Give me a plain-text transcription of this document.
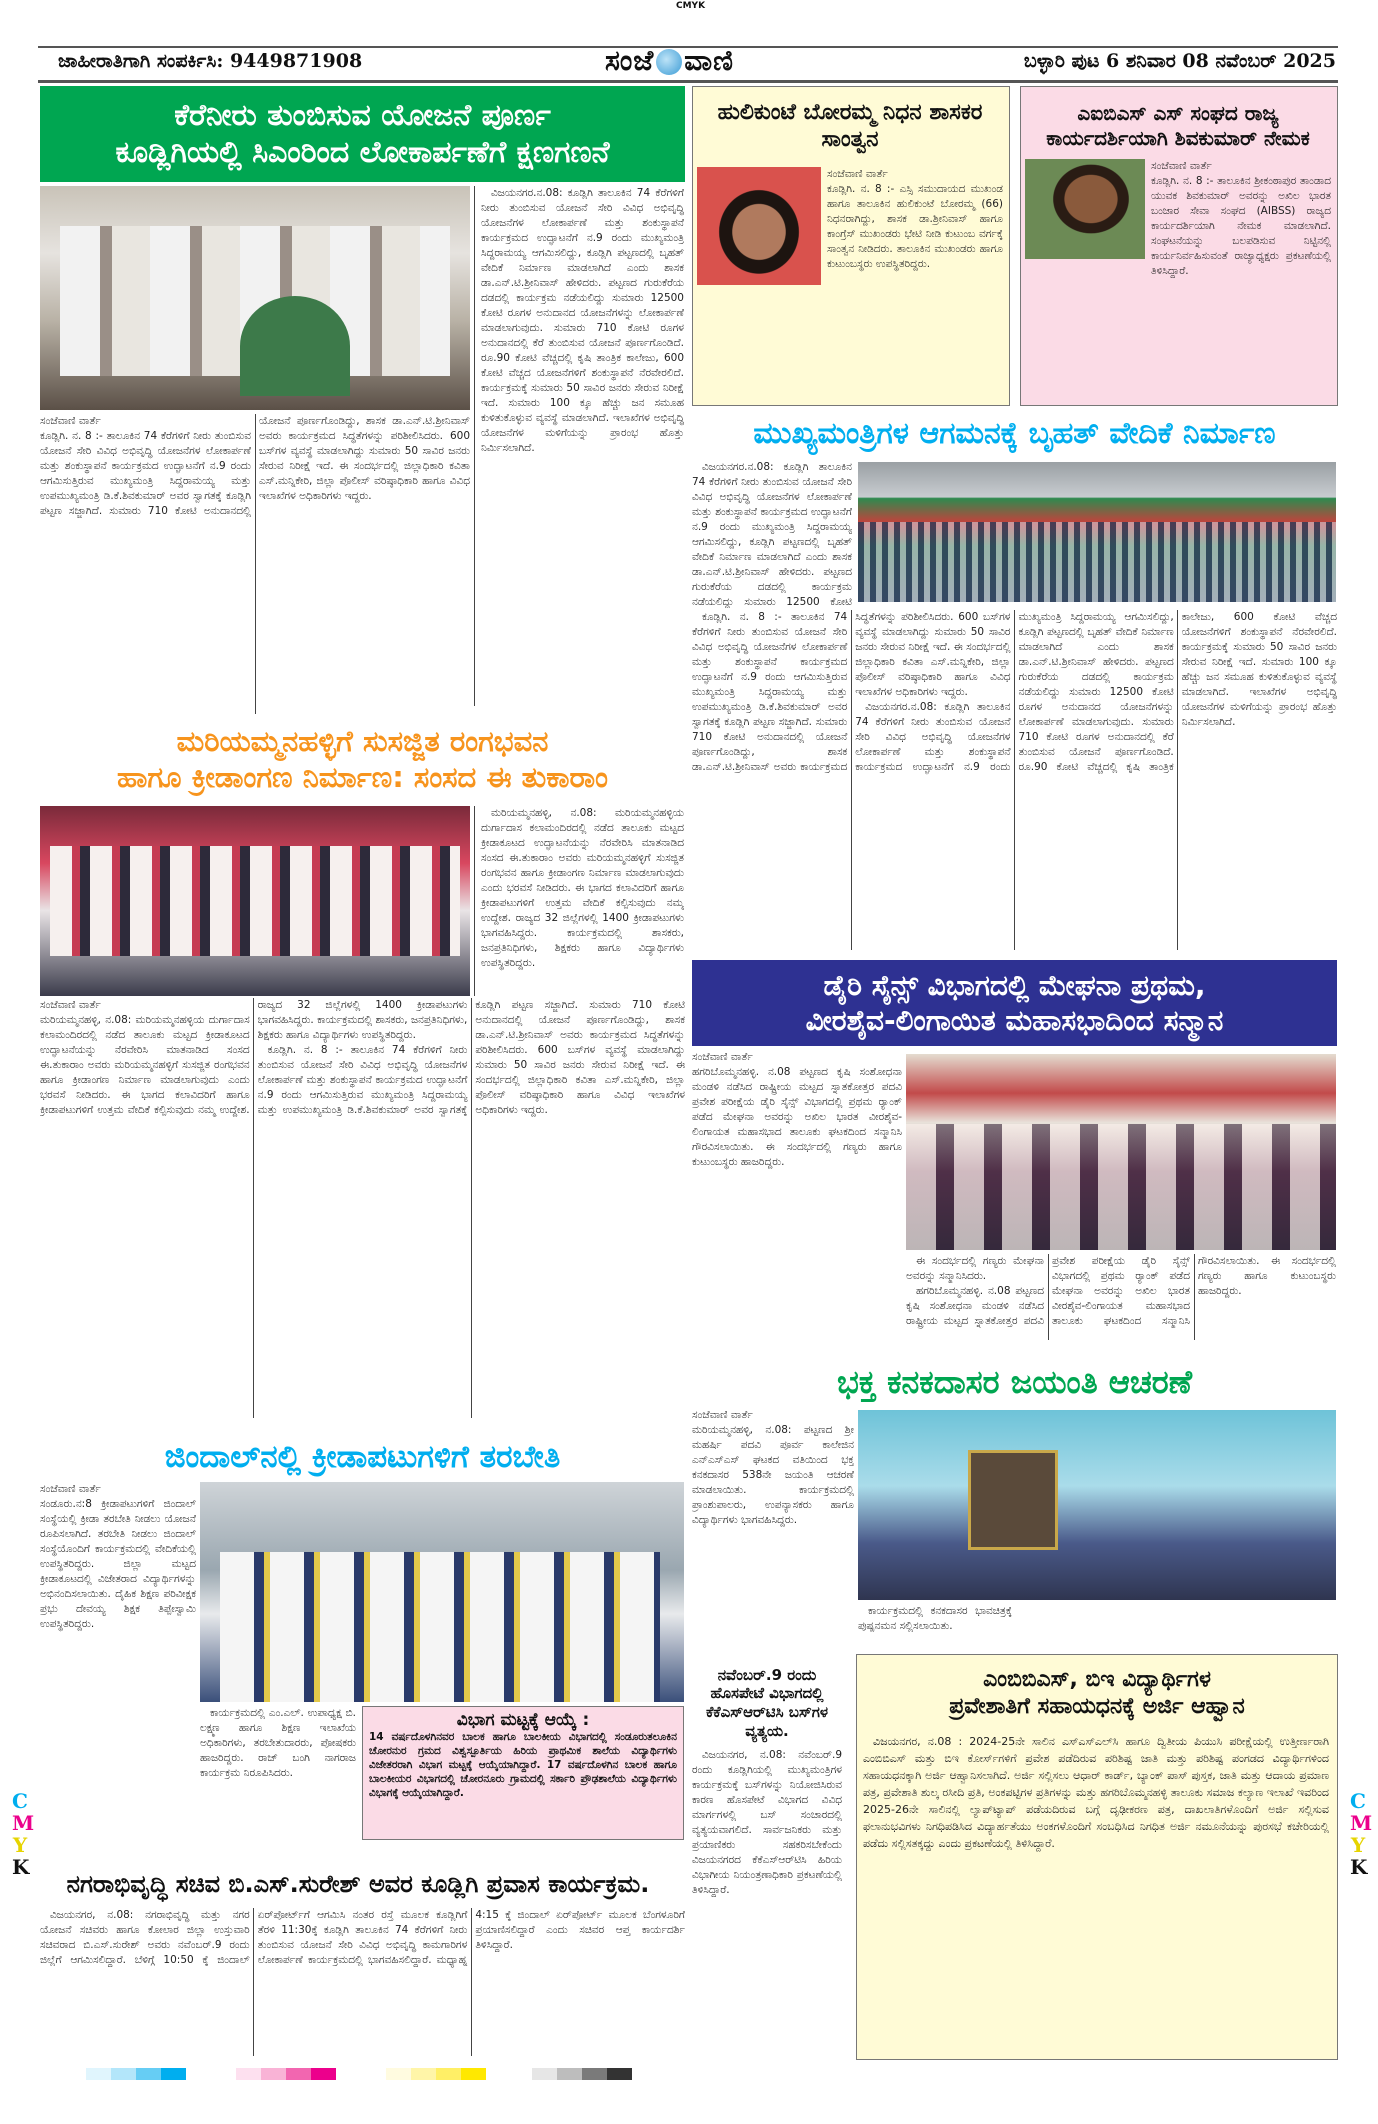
CMYK
C
M
Y
K
C
M
Y
K
ಜಾಹೀರಾತಿಗಾಗಿ ಸಂಪರ್ಕಿಸಿ: 9449871908	ಸಂಜೆ ವಾಣಿ	ಬಳ್ಳಾರಿ ಪುಟ 6 ಶನಿವಾರ 08 ನವೆಂಬರ್ 2025
ಕೆರೆನೀರು ತುಂಬಿಸುವ ಯೋಜನೆ ಪೂರ್ಣ
ಕೂಡ್ಲಿಗಿಯಲ್ಲಿ ಸಿಎಂರಿಂದ ಲೋಕಾರ್ಪಣೆಗೆ ಕ್ಷಣಗಣನೆ

ಸಂಜೆವಾಣಿ ವಾರ್ತೆ
ಕೂಡ್ಲಿಗಿ. ನ. 8 :- ತಾಲೂಕಿನ 74 ಕೆರೆಗಳಿಗೆ ನೀರು ತುಂಬಿಸುವ ಯೋಜನೆ ಸೇರಿ ವಿವಿಧ ಅಭಿವೃದ್ಧಿ ಯೋಜನೆಗಳ ಲೋಕಾರ್ಪಣೆ ಮತ್ತು ಶಂಕುಸ್ಥಾಪನೆ ಕಾರ್ಯಕ್ರಮದ ಉದ್ಘಾಟನೆಗೆ ನ.9 ರಂದು ಆಗಮಿಸುತ್ತಿರುವ ಮುಖ್ಯಮಂತ್ರಿ ಸಿದ್ದರಾಮಯ್ಯ ಮತ್ತು ಉಪಮುಖ್ಯಮಂತ್ರಿ ಡಿ.ಕೆ.ಶಿವಕುಮಾರ್ ಅವರ ಸ್ವಾಗತಕ್ಕೆ ಕೂಡ್ಲಿಗಿ ಪಟ್ಟಣ ಸಜ್ಜಾಗಿದೆ. ಸುಮಾರು 710 ಕೋಟಿ ಅನುದಾನದಲ್ಲಿ ಯೋಜನೆ ಪೂರ್ಣಗೊಂಡಿದ್ದು, ಶಾಸಕ ಡಾ.ಎನ್.ಟಿ.ಶ್ರೀನಿವಾಸ್ ಅವರು ಕಾರ್ಯಕ್ರಮದ ಸಿದ್ಧತೆಗಳನ್ನು ಪರಿಶೀಲಿಸಿದರು. 600 ಬಸ್‌ಗಳ ವ್ಯವಸ್ಥೆ ಮಾಡಲಾಗಿದ್ದು ಸುಮಾರು 50 ಸಾವಿರ ಜನರು ಸೇರುವ ನಿರೀಕ್ಷೆ ಇದೆ. ಈ ಸಂದರ್ಭದಲ್ಲಿ ಜಿಲ್ಲಾಧಿಕಾರಿ ಕವಿತಾ ಎಸ್.ಮನ್ನಿಕೇರಿ, ಜಿಲ್ಲಾ ಪೊಲೀಸ್ ವರಿಷ್ಠಾಧಿಕಾರಿ ಹಾಗೂ ವಿವಿಧ ಇಲಾಖೆಗಳ ಅಧಿಕಾರಿಗಳು ಇದ್ದರು.

ವಿಜಯನಗರ.ನ.08: ಕೂಡ್ಲಿಗಿ ತಾಲೂಕಿನ 74 ಕೆರೆಗಳಿಗೆ ನೀರು ತುಂಬಿಸುವ ಯೋಜನೆ ಸೇರಿ ವಿವಿಧ ಅಭಿವೃದ್ಧಿ ಯೋಜನೆಗಳ ಲೋಕಾರ್ಪಣೆ ಮತ್ತು ಶಂಕುಸ್ಥಾಪನೆ ಕಾರ್ಯಕ್ರಮದ ಉದ್ಘಾಟನೆಗೆ ನ.9 ರಂದು ಮುಖ್ಯಮಂತ್ರಿ ಸಿದ್ದರಾಮಯ್ಯ ಆಗಮಿಸಲಿದ್ದು, ಕೂಡ್ಲಿಗಿ ಪಟ್ಟಣದಲ್ಲಿ ಬೃಹತ್ ವೇದಿಕೆ ನಿರ್ಮಾಣ ಮಾಡಲಾಗಿದೆ ಎಂದು ಶಾಸಕ ಡಾ.ಎನ್.ಟಿ.ಶ್ರೀನಿವಾಸ್ ಹೇಳಿದರು. ಪಟ್ಟಣದ ಗುರುಕೆರೆಯ ದಡದಲ್ಲಿ ಕಾರ್ಯಕ್ರಮ ನಡೆಯಲಿದ್ದು ಸುಮಾರು 12500 ಕೋಟಿ ರೂಗಳ ಅನುದಾನದ ಯೋಜನೆಗಳನ್ನು ಲೋಕಾರ್ಪಣೆ ಮಾಡಲಾಗುವುದು. ಸುಮಾರು 710 ಕೋಟಿ ರೂಗಳ ಅನುದಾನದಲ್ಲಿ ಕೆರೆ ತುಂಬಿಸುವ ಯೋಜನೆ ಪೂರ್ಣಗೊಂಡಿದೆ. ರೂ.90 ಕೋಟಿ ವೆಚ್ಚದಲ್ಲಿ ಕೃಷಿ ತಾಂತ್ರಿಕ ಕಾಲೇಜು, 600 ಕೋಟಿ ವೆಚ್ಚದ ಯೋಜನೆಗಳಿಗೆ ಶಂಕುಸ್ಥಾಪನೆ ನೆರವೇರಲಿದೆ. ಕಾರ್ಯಕ್ರಮಕ್ಕೆ ಸುಮಾರು 50 ಸಾವಿರ ಜನರು ಸೇರುವ ನಿರೀಕ್ಷೆ ಇದೆ. ಸುಮಾರು 100 ಕ್ಕೂ ಹೆಚ್ಚು ಜನ ಸಮೂಹ ಕುಳಿತುಕೊಳ್ಳುವ ವ್ಯವಸ್ಥೆ ಮಾಡಲಾಗಿದೆ. ಇಲಾಖೆಗಳ ಅಭಿವೃದ್ಧಿ ಯೋಜನೆಗಳ ಮಳಿಗೆಯನ್ನು ಪ್ರಾರಂಭ ಹೊತ್ತು ನಿರ್ಮಿಸಲಾಗಿದೆ.

ಹುಲಿಕುಂಟೆ ಬೋರಮ್ಮ ನಿಧನ ಶಾಸಕರ ಸಾಂತ್ವನ

ಸಂಜೆವಾಣಿ ವಾರ್ತೆ
ಕೂಡ್ಲಿಗಿ. ನ. 8 :- ಎಸ್ಸಿ ಸಮುದಾಯದ ಮುಖಂಡ ಹಾಗೂ ತಾಲೂಕಿನ ಹುಲಿಕುಂಟೆ ಬೋರಮ್ಮ (66) ನಿಧನರಾಗಿದ್ದು, ಶಾಸಕ ಡಾ.ಶ್ರೀನಿವಾಸ್ ಹಾಗೂ ಕಾಂಗ್ರೆಸ್ ಮುಖಂಡರು ಭೇಟಿ ನೀಡಿ ಕುಟುಂಬ ವರ್ಗಕ್ಕೆ ಸಾಂತ್ವನ ನೀಡಿದರು. ತಾಲೂಕಿನ ಮುಖಂಡರು ಹಾಗೂ ಕುಟುಂಬಸ್ಥರು ಉಪಸ್ಥಿತರಿದ್ದರು.

ಎಐಬಿಎಸ್ ಎಸ್ ಸಂಘದ ರಾಜ್ಯ ಕಾರ್ಯದರ್ಶಿಯಾಗಿ ಶಿವಕುಮಾರ್ ನೇಮಕ

ಸಂಜೆವಾಣಿ ವಾರ್ತೆ
ಕೂಡ್ಲಿಗಿ. ನ. 8 :- ತಾಲೂಕಿನ ಶ್ರೀಕಂಠಾಪುರ ತಾಂಡಾದ ಯುವಕ ಶಿವಕುಮಾರ್ ಅವರನ್ನು ಅಖಿಲ ಭಾರತ ಬಂಜಾರ ಸೇವಾ ಸಂಘದ (AIBSS) ರಾಜ್ಯದ ಕಾರ್ಯದರ್ಶಿಯಾಗಿ ನೇಮಕ ಮಾಡಲಾಗಿದೆ. ಸಂಘಟನೆಯನ್ನು ಬಲಪಡಿಸುವ ನಿಟ್ಟಿನಲ್ಲಿ ಕಾರ್ಯನಿರ್ವಹಿಸುವಂತೆ ರಾಜ್ಯಾಧ್ಯಕ್ಷರು ಪ್ರಕಟಣೆಯಲ್ಲಿ ತಿಳಿಸಿದ್ದಾರೆ.

ಮುಖ್ಯಮಂತ್ರಿಗಳ ಆಗಮನಕ್ಕೆ ಬೃಹತ್ ವೇದಿಕೆ ನಿರ್ಮಾಣ

ವಿಜಯನಗರ.ನ.08: ಕೂಡ್ಲಿಗಿ ತಾಲೂಕಿನ 74 ಕೆರೆಗಳಿಗೆ ನೀರು ತುಂಬಿಸುವ ಯೋಜನೆ ಸೇರಿ ವಿವಿಧ ಅಭಿವೃದ್ಧಿ ಯೋಜನೆಗಳ ಲೋಕಾರ್ಪಣೆ ಮತ್ತು ಶಂಕುಸ್ಥಾಪನೆ ಕಾರ್ಯಕ್ರಮದ ಉದ್ಘಾಟನೆಗೆ ನ.9 ರಂದು ಮುಖ್ಯಮಂತ್ರಿ ಸಿದ್ದರಾಮಯ್ಯ ಆಗಮಿಸಲಿದ್ದು, ಕೂಡ್ಲಿಗಿ ಪಟ್ಟಣದಲ್ಲಿ ಬೃಹತ್ ವೇದಿಕೆ ನಿರ್ಮಾಣ ಮಾಡಲಾಗಿದೆ ಎಂದು ಶಾಸಕ ಡಾ.ಎನ್.ಟಿ.ಶ್ರೀನಿವಾಸ್ ಹೇಳಿದರು. ಪಟ್ಟಣದ ಗುರುಕೆರೆಯ ದಡದಲ್ಲಿ ಕಾರ್ಯಕ್ರಮ ನಡೆಯಲಿದ್ದು ಸುಮಾರು 12500 ಕೋಟಿ

ಕೂಡ್ಲಿಗಿ. ನ. 8 :- ತಾಲೂಕಿನ 74 ಕೆರೆಗಳಿಗೆ ನೀರು ತುಂಬಿಸುವ ಯೋಜನೆ ಸೇರಿ ವಿವಿಧ ಅಭಿವೃದ್ಧಿ ಯೋಜನೆಗಳ ಲೋಕಾರ್ಪಣೆ ಮತ್ತು ಶಂಕುಸ್ಥಾಪನೆ ಕಾರ್ಯಕ್ರಮದ ಉದ್ಘಾಟನೆಗೆ ನ.9 ರಂದು ಆಗಮಿಸುತ್ತಿರುವ ಮುಖ್ಯಮಂತ್ರಿ ಸಿದ್ದರಾಮಯ್ಯ ಮತ್ತು ಉಪಮುಖ್ಯಮಂತ್ರಿ ಡಿ.ಕೆ.ಶಿವಕುಮಾರ್ ಅವರ ಸ್ವಾಗತಕ್ಕೆ ಕೂಡ್ಲಿಗಿ ಪಟ್ಟಣ ಸಜ್ಜಾಗಿದೆ. ಸುಮಾರು 710 ಕೋಟಿ ಅನುದಾನದಲ್ಲಿ ಯೋಜನೆ ಪೂರ್ಣಗೊಂಡಿದ್ದು, ಶಾಸಕ ಡಾ.ಎನ್.ಟಿ.ಶ್ರೀನಿವಾಸ್ ಅವರು ಕಾರ್ಯಕ್ರಮದ ಸಿದ್ಧತೆಗಳನ್ನು ಪರಿಶೀಲಿಸಿದರು. 600 ಬಸ್‌ಗಳ ವ್ಯವಸ್ಥೆ ಮಾಡಲಾಗಿದ್ದು ಸುಮಾರು 50 ಸಾವಿರ ಜನರು ಸೇರುವ ನಿರೀಕ್ಷೆ ಇದೆ. ಈ ಸಂದರ್ಭದಲ್ಲಿ ಜಿಲ್ಲಾಧಿಕಾರಿ ಕವಿತಾ ಎಸ್.ಮನ್ನಿಕೇರಿ, ಜಿಲ್ಲಾ ಪೊಲೀಸ್ ವರಿಷ್ಠಾಧಿಕಾರಿ ಹಾಗೂ ವಿವಿಧ ಇಲಾಖೆಗಳ ಅಧಿಕಾರಿಗಳು ಇದ್ದರು.

ವಿಜಯನಗರ.ನ.08: ಕೂಡ್ಲಿಗಿ ತಾಲೂಕಿನ 74 ಕೆರೆಗಳಿಗೆ ನೀರು ತುಂಬಿಸುವ ಯೋಜನೆ ಸೇರಿ ವಿವಿಧ ಅಭಿವೃದ್ಧಿ ಯೋಜನೆಗಳ ಲೋಕಾರ್ಪಣೆ ಮತ್ತು ಶಂಕುಸ್ಥಾಪನೆ ಕಾರ್ಯಕ್ರಮದ ಉದ್ಘಾಟನೆಗೆ ನ.9 ರಂದು ಮುಖ್ಯಮಂತ್ರಿ ಸಿದ್ದರಾಮಯ್ಯ ಆಗಮಿಸಲಿದ್ದು, ಕೂಡ್ಲಿಗಿ ಪಟ್ಟಣದಲ್ಲಿ ಬೃಹತ್ ವೇದಿಕೆ ನಿರ್ಮಾಣ ಮಾಡಲಾಗಿದೆ ಎಂದು ಶಾಸಕ ಡಾ.ಎನ್.ಟಿ.ಶ್ರೀನಿವಾಸ್ ಹೇಳಿದರು. ಪಟ್ಟಣದ ಗುರುಕೆರೆಯ ದಡದಲ್ಲಿ ಕಾರ್ಯಕ್ರಮ ನಡೆಯಲಿದ್ದು ಸುಮಾರು 12500 ಕೋಟಿ ರೂಗಳ ಅನುದಾನದ ಯೋಜನೆಗಳನ್ನು ಲೋಕಾರ್ಪಣೆ ಮಾಡಲಾಗುವುದು. ಸುಮಾರು 710 ಕೋಟಿ ರೂಗಳ ಅನುದಾನದಲ್ಲಿ ಕೆರೆ ತುಂಬಿಸುವ ಯೋಜನೆ ಪೂರ್ಣಗೊಂಡಿದೆ. ರೂ.90 ಕೋಟಿ ವೆಚ್ಚದಲ್ಲಿ ಕೃಷಿ ತಾಂತ್ರಿಕ ಕಾಲೇಜು, 600 ಕೋಟಿ ವೆಚ್ಚದ ಯೋಜನೆಗಳಿಗೆ ಶಂಕುಸ್ಥಾಪನೆ ನೆರವೇರಲಿದೆ. ಕಾರ್ಯಕ್ರಮಕ್ಕೆ ಸುಮಾರು 50 ಸಾವಿರ ಜನರು ಸೇರುವ ನಿರೀಕ್ಷೆ ಇದೆ. ಸುಮಾರು 100 ಕ್ಕೂ ಹೆಚ್ಚು ಜನ ಸಮೂಹ ಕುಳಿತುಕೊಳ್ಳುವ ವ್ಯವಸ್ಥೆ ಮಾಡಲಾಗಿದೆ. ಇಲಾಖೆಗಳ ಅಭಿವೃದ್ಧಿ ಯೋಜನೆಗಳ ಮಳಿಗೆಯನ್ನು ಪ್ರಾರಂಭ ಹೊತ್ತು ನಿರ್ಮಿಸಲಾಗಿದೆ.

ಮರಿಯಮ್ಮನಹಳ್ಳಿಗೆ ಸುಸಜ್ಜಿತ ರಂಗಭವನ
ಹಾಗೂ ಕ್ರೀಡಾಂಗಣ ನಿರ್ಮಾಣ: ಸಂಸದ ಈ ತುಕಾರಾಂ

ಮರಿಯಮ್ಮನಹಳ್ಳಿ, ನ.08: ಮರಿಯಮ್ಮನಹಳ್ಳಿಯ ದುರ್ಗಾದಾಸ ಕಲಾಮಂದಿರದಲ್ಲಿ ನಡೆದ ತಾಲೂಕು ಮಟ್ಟದ ಕ್ರೀಡಾಕೂಟದ ಉದ್ಘಾಟನೆಯನ್ನು ನೆರವೇರಿಸಿ ಮಾತನಾಡಿದ ಸಂಸದ ಈ.ತುಕಾರಾಂ ಅವರು ಮರಿಯಮ್ಮನಹಳ್ಳಿಗೆ ಸುಸಜ್ಜಿತ ರಂಗಭವನ ಹಾಗೂ ಕ್ರೀಡಾಂಗಣ ನಿರ್ಮಾಣ ಮಾಡಲಾಗುವುದು ಎಂದು ಭರವಸೆ ನೀಡಿದರು. ಈ ಭಾಗದ ಕಲಾವಿದರಿಗೆ ಹಾಗೂ ಕ್ರೀಡಾಪಟುಗಳಿಗೆ ಉತ್ತಮ ವೇದಿಕೆ ಕಲ್ಪಿಸುವುದು ನಮ್ಮ ಉದ್ದೇಶ. ರಾಜ್ಯದ 32 ಜಿಲ್ಲೆಗಳಲ್ಲಿ 1400 ಕ್ರೀಡಾಪಟುಗಳು ಭಾಗವಹಿಸಿದ್ದರು. ಕಾರ್ಯಕ್ರಮದಲ್ಲಿ ಶಾಸಕರು, ಜನಪ್ರತಿನಿಧಿಗಳು, ಶಿಕ್ಷಕರು ಹಾಗೂ ವಿದ್ಯಾರ್ಥಿಗಳು ಉಪಸ್ಥಿತರಿದ್ದರು.

ಸಂಜೆವಾಣಿ ವಾರ್ತೆ
ಮರಿಯಮ್ಮನಹಳ್ಳಿ, ನ.08: ಮರಿಯಮ್ಮನಹಳ್ಳಿಯ ದುರ್ಗಾದಾಸ ಕಲಾಮಂದಿರದಲ್ಲಿ ನಡೆದ ತಾಲೂಕು ಮಟ್ಟದ ಕ್ರೀಡಾಕೂಟದ ಉದ್ಘಾಟನೆಯನ್ನು ನೆರವೇರಿಸಿ ಮಾತನಾಡಿದ ಸಂಸದ ಈ.ತುಕಾರಾಂ ಅವರು ಮರಿಯಮ್ಮನಹಳ್ಳಿಗೆ ಸುಸಜ್ಜಿತ ರಂಗಭವನ ಹಾಗೂ ಕ್ರೀಡಾಂಗಣ ನಿರ್ಮಾಣ ಮಾಡಲಾಗುವುದು ಎಂದು ಭರವಸೆ ನೀಡಿದರು. ಈ ಭಾಗದ ಕಲಾವಿದರಿಗೆ ಹಾಗೂ ಕ್ರೀಡಾಪಟುಗಳಿಗೆ ಉತ್ತಮ ವೇದಿಕೆ ಕಲ್ಪಿಸುವುದು ನಮ್ಮ ಉದ್ದೇಶ. ರಾಜ್ಯದ 32 ಜಿಲ್ಲೆಗಳಲ್ಲಿ 1400 ಕ್ರೀಡಾಪಟುಗಳು ಭಾಗವಹಿಸಿದ್ದರು. ಕಾರ್ಯಕ್ರಮದಲ್ಲಿ ಶಾಸಕರು, ಜನಪ್ರತಿನಿಧಿಗಳು, ಶಿಕ್ಷಕರು ಹಾಗೂ ವಿದ್ಯಾರ್ಥಿಗಳು ಉಪಸ್ಥಿತರಿದ್ದರು.

ಕೂಡ್ಲಿಗಿ. ನ. 8 :- ತಾಲೂಕಿನ 74 ಕೆರೆಗಳಿಗೆ ನೀರು ತುಂಬಿಸುವ ಯೋಜನೆ ಸೇರಿ ವಿವಿಧ ಅಭಿವೃದ್ಧಿ ಯೋಜನೆಗಳ ಲೋಕಾರ್ಪಣೆ ಮತ್ತು ಶಂಕುಸ್ಥಾಪನೆ ಕಾರ್ಯಕ್ರಮದ ಉದ್ಘಾಟನೆಗೆ ನ.9 ರಂದು ಆಗಮಿಸುತ್ತಿರುವ ಮುಖ್ಯಮಂತ್ರಿ ಸಿದ್ದರಾಮಯ್ಯ ಮತ್ತು ಉಪಮುಖ್ಯಮಂತ್ರಿ ಡಿ.ಕೆ.ಶಿವಕುಮಾರ್ ಅವರ ಸ್ವಾಗತಕ್ಕೆ ಕೂಡ್ಲಿಗಿ ಪಟ್ಟಣ ಸಜ್ಜಾಗಿದೆ. ಸುಮಾರು 710 ಕೋಟಿ ಅನುದಾನದಲ್ಲಿ ಯೋಜನೆ ಪೂರ್ಣಗೊಂಡಿದ್ದು, ಶಾಸಕ ಡಾ.ಎನ್.ಟಿ.ಶ್ರೀನಿವಾಸ್ ಅವರು ಕಾರ್ಯಕ್ರಮದ ಸಿದ್ಧತೆಗಳನ್ನು ಪರಿಶೀಲಿಸಿದರು. 600 ಬಸ್‌ಗಳ ವ್ಯವಸ್ಥೆ ಮಾಡಲಾಗಿದ್ದು ಸುಮಾರು 50 ಸಾವಿರ ಜನರು ಸೇರುವ ನಿರೀಕ್ಷೆ ಇದೆ. ಈ ಸಂದರ್ಭದಲ್ಲಿ ಜಿಲ್ಲಾಧಿಕಾರಿ ಕವಿತಾ ಎಸ್.ಮನ್ನಿಕೇರಿ, ಜಿಲ್ಲಾ ಪೊಲೀಸ್ ವರಿಷ್ಠಾಧಿಕಾರಿ ಹಾಗೂ ವಿವಿಧ ಇಲಾಖೆಗಳ ಅಧಿಕಾರಿಗಳು ಇದ್ದರು.

ಡೈರಿ ಸೈನ್ಸ್ ವಿಭಾಗದಲ್ಲಿ ಮೇಘನಾ ಪ್ರಥಮ,
ವೀರಶೈವ-ಲಿಂಗಾಯಿತ ಮಹಾಸಭಾದಿಂದ ಸನ್ಮಾನ

ಸಂಜೆವಾಣಿ ವಾರ್ತೆ
ಹಗರಿಬೊಮ್ಮನಹಳ್ಳಿ. ನ.08 ಪಟ್ಟಣದ ಕೃಷಿ ಸಂಶೋಧನಾ ಮಂಡಳಿ ನಡೆಸಿದ ರಾಷ್ಟ್ರೀಯ ಮಟ್ಟದ ಸ್ನಾತಕೋತ್ತರ ಪದವಿ ಪ್ರವೇಶ ಪರೀಕ್ಷೆಯ ಡೈರಿ ಸೈನ್ಸ್ ವಿಭಾಗದಲ್ಲಿ ಪ್ರಥಮ ರ‍್ಯಾಂಕ್ ಪಡೆದ ಮೇಘನಾ ಅವರನ್ನು ಅಖಿಲ ಭಾರತ ವೀರಶೈವ-ಲಿಂಗಾಯತ ಮಹಾಸಭಾದ ತಾಲೂಕು ಘಟಕದಿಂದ ಸನ್ಮಾನಿಸಿ ಗೌರವಿಸಲಾಯಿತು. ಈ ಸಂದರ್ಭದಲ್ಲಿ ಗಣ್ಯರು ಹಾಗೂ ಕುಟುಂಬಸ್ಥರು ಹಾಜರಿದ್ದರು.

ಈ ಸಂದರ್ಭದಲ್ಲಿ ಗಣ್ಯರು ಮೇಘನಾ ಅವರನ್ನು ಸನ್ಮಾನಿಸಿದರು.

ಹಗರಿಬೊಮ್ಮನಹಳ್ಳಿ. ನ.08 ಪಟ್ಟಣದ ಕೃಷಿ ಸಂಶೋಧನಾ ಮಂಡಳಿ ನಡೆಸಿದ ರಾಷ್ಟ್ರೀಯ ಮಟ್ಟದ ಸ್ನಾತಕೋತ್ತರ ಪದವಿ ಪ್ರವೇಶ ಪರೀಕ್ಷೆಯ ಡೈರಿ ಸೈನ್ಸ್ ವಿಭಾಗದಲ್ಲಿ ಪ್ರಥಮ ರ‍್ಯಾಂಕ್ ಪಡೆದ ಮೇಘನಾ ಅವರನ್ನು ಅಖಿಲ ಭಾರತ ವೀರಶೈವ-ಲಿಂಗಾಯತ ಮಹಾಸಭಾದ ತಾಲೂಕು ಘಟಕದಿಂದ ಸನ್ಮಾನಿಸಿ ಗೌರವಿಸಲಾಯಿತು. ಈ ಸಂದರ್ಭದಲ್ಲಿ ಗಣ್ಯರು ಹಾಗೂ ಕುಟುಂಬಸ್ಥರು ಹಾಜರಿದ್ದರು.

ಭಕ್ತ ಕನಕದಾಸರ ಜಯಂತಿ ಆಚರಣೆ

ಸಂಜೆವಾಣಿ ವಾರ್ತೆ
ಮರಿಯಮ್ಮನಹಳ್ಳಿ, ನ.08: ಪಟ್ಟಣದ ಶ್ರೀ ಮಹರ್ಷಿ ಪದವಿ ಪೂರ್ವ ಕಾಲೇಜಿನ ಎನ್ಎಸ್ಎಸ್ ಘಟಕದ ವತಿಯಿಂದ ಭಕ್ತ ಕನಕದಾಸರ 538ನೇ ಜಯಂತಿ ಆಚರಣೆ ಮಾಡಲಾಯಿತು. ಕಾರ್ಯಕ್ರಮದಲ್ಲಿ ಪ್ರಾಂಶುಪಾಲರು, ಉಪನ್ಯಾಸಕರು ಹಾಗೂ ವಿದ್ಯಾರ್ಥಿಗಳು ಭಾಗವಹಿಸಿದ್ದರು.

ಕಾರ್ಯಕ್ರಮದಲ್ಲಿ ಕನಕದಾಸರ ಭಾವಚಿತ್ರಕ್ಕೆ ಪುಷ್ಪನಮನ ಸಲ್ಲಿಸಲಾಯಿತು.

ಜಿಂದಾಲ್‌ನಲ್ಲಿ ಕ್ರೀಡಾಪಟುಗಳಿಗೆ ತರಬೇತಿ

ಸಂಜೆವಾಣಿ ವಾರ್ತೆ
ಸಂಡೂರು.ನ:8 ಕ್ರೀಡಾಪಟುಗಳಿಗೆ ಜಿಂದಾಲ್ ಸಂಸ್ಥೆಯಲ್ಲಿ ಕ್ರೀಡಾ ತರಬೇತಿ ನೀಡಲು ಯೋಜನೆ ರೂಪಿಸಲಾಗಿದೆ. ತರಬೇತಿ ನೀಡಲು ಜಿಂದಾಲ್ ಸಂಸ್ಥೆಯೊಂದಿಗೆ ಕಾರ್ಯಕ್ರಮದಲ್ಲಿ ವೇದಿಕೆಯಲ್ಲಿ ಉಪಸ್ಥಿತರಿದ್ದರು. ಜಿಲ್ಲಾ ಮಟ್ಟದ ಕ್ರೀಡಾಕೂಟದಲ್ಲಿ ವಿಜೇತರಾದ ವಿದ್ಯಾರ್ಥಿಗಳನ್ನು ಅಭಿನಂದಿಸಲಾಯಿತು. ದೈಹಿಕ ಶಿಕ್ಷಣ ಪರಿವೀಕ್ಷಕ ಪ್ರಭು ದೇವಯ್ಯ ಶಿಕ್ಷಕ ತಿಪ್ಪೇಸ್ವಾಮಿ ಉಪಸ್ಥಿತರಿದ್ದರು.

ಕಾರ್ಯಕ್ರಮದಲ್ಲಿ ಎಂ.ಎಲ್. ಉಪಾಧ್ಯಕ್ಷ ಬಿ. ಲಕ್ಷ್ಮಣ ಹಾಗೂ ಶಿಕ್ಷಣ ಇಲಾಖೆಯ ಅಧಿಕಾರಿಗಳು, ತರಬೇತುದಾರರು, ಪೋಷಕರು ಹಾಜರಿದ್ದರು. ರಾಜ್ ಬಂಗಿ ನಾಗರಾಜ ಕಾರ್ಯಕ್ರಮ ನಿರೂಪಿಸಿದರು.

ವಿಭಾಗ ಮಟ್ಟಕ್ಕೆ ಆಯ್ಕೆ :
14 ವರ್ಷದೊಳಗಿನವರ ಬಾಲಕ ಹಾಗೂ ಬಾಲಕೀಯ ವಿಭಾಗದಲ್ಲಿ ಸಂಡೂರುತಲೂಕಿನ ಚೋರನುರ ಗ್ರಮದ ವಿಶ್ವಸ್ಪೂರ್ತಿಯ ಹಿರಿಯ ಪ್ರಾಥಮಿಕ ಶಾಲೆಯ ವಿದ್ಯಾರ್ಥಿಗಳು ವಿಜೇತರರಾಗಿ ವಿಭಾಗ ಮಟ್ಟಕ್ಕೆ ಆಯ್ಕೆಯಾಗಿದ್ದಾರೆ. 17 ವರ್ಷದೊಳಗಿನ ಬಾಲಕ ಹಾಗೂ ಬಾಲಕೀಯರ ವಿಭಾಗದಲ್ಲಿ ಚೋರನೂರು ಗ್ರಾಮದಲ್ಲಿ ಸರ್ಕಾರಿ ಪ್ರೌಢಶಾಲೆಯ ವಿದ್ಯಾರ್ಥಿಗಳು ವಿಭಾಗಕ್ಕೆ ಆಯ್ಕೆಯಾಗಿದ್ದಾರೆ.
ನವೆಂಬರ್.9 ರಂದು ಹೊಸಪೇಟೆ ವಿಭಾಗದಲ್ಲಿ ಕೆಕೆಎಸ್ಆರ್‌ಟಿಸಿ ಬಸ್‌ಗಳ ವ್ಯತ್ಯಯ.

ವಿಜಯನಗರ, ನ.08: ನವೆಂಬರ್.9 ರಂದು ಕೂಡ್ಲಿಗಿಯಲ್ಲಿ ಮುಖ್ಯಮಂತ್ರಿಗಳ ಕಾರ್ಯಕ್ರಮಕ್ಕೆ ಬಸ್‌ಗಳನ್ನು ನಿಯೋಜಿಸಿರುವ ಕಾರಣ ಹೊಸಪೇಟೆ ವಿಭಾಗದ ವಿವಿಧ ಮಾರ್ಗಗಳಲ್ಲಿ ಬಸ್ ಸಂಚಾರದಲ್ಲಿ ವ್ಯತ್ಯಯವಾಗಲಿದೆ. ಸಾರ್ವಜನಿಕರು ಮತ್ತು ಪ್ರಯಾಣಿಕರು ಸಹಕರಿಸಬೇಕೆಂದು ವಿಜಯನಗರದ ಕೆಕೆಎಸ್ಆರ್‌ಟಿಸಿ ಹಿರಿಯ ವಿಭಾಗೀಯ ನಿಯಂತ್ರಣಾಧಿಕಾರಿ ಪ್ರಕಟಣೆಯಲ್ಲಿ ತಿಳಿಸಿದ್ದಾರೆ.

ಎಂಬಿಬಿಎಸ್, ಬಿಇ ವಿದ್ಯಾರ್ಥಿಗಳ
ಪ್ರವೇಶಾತಿಗೆ ಸಹಾಯಧನಕ್ಕೆ ಅರ್ಜಿ ಆಹ್ವಾನ

ವಿಜಯನಗರ, ನ.08 : 2024-25ನೇ ಸಾಲಿನ ಎಸ್ಎಸ್ಎಲ್‌ಸಿ ಹಾಗೂ ದ್ವಿತೀಯ ಪಿಯುಸಿ ಪರೀಕ್ಷೆಯಲ್ಲಿ ಉತ್ತೀರ್ಣರಾಗಿ ಎಂಬಿಬಿಎಸ್ ಮತ್ತು ಬಿಇ ಕೋರ್ಸ್‌ಗಳಿಗೆ ಪ್ರವೇಶ ಪಡೆದಿರುವ ಪರಿಶಿಷ್ಟ ಜಾತಿ ಮತ್ತು ಪರಿಶಿಷ್ಟ ಪಂಗಡದ ವಿದ್ಯಾರ್ಥಿಗಳಿಂದ ಸಹಾಯಧನಕ್ಕಾಗಿ ಅರ್ಜಿ ಆಹ್ವಾನಿಸಲಾಗಿದೆ. ಅರ್ಜಿ ಸಲ್ಲಿಸಲು ಆಧಾರ್ ಕಾರ್ಡ್, ಬ್ಯಾಂಕ್ ಪಾಸ್ ಪುಸ್ತಕ, ಜಾತಿ ಮತ್ತು ಆದಾಯ ಪ್ರಮಾಣ ಪತ್ರ, ಪ್ರವೇಶಾತಿ ಶುಲ್ಕ ರಸೀದಿ ಪ್ರತಿ, ಅಂಕಪಟ್ಟಿಗಳ ಪ್ರತಿಗಳನ್ನು ಮತ್ತು ಹಗರಿಬೊಮ್ಮನಹಳ್ಳಿ ತಾಲೂಕು ಸಮಾಜ ಕಲ್ಯಾಣ ಇಲಾಖೆ ಇವರಿಂದ 2025-26ನೇ ಸಾಲಿನಲ್ಲಿ ಲ್ಯಾಪ್‌ಟ್ಯಾಪ್ ಪಡೆಯದಿರುವ ಬಗ್ಗೆ ದೃಢೀಕರಣ ಪತ್ರ, ದಾಖಲಾತಿಗಳೊಂದಿಗೆ ಅರ್ಜಿ ಸಲ್ಲಿಸುವ ಫಲಾನುಭವಿಗಳು ನಿಗಧಿಪಡಿಸಿದ ವಿದ್ಯಾರ್ಹತೆಯು ಅಂಕಗಳೊಂದಿಗೆ ಸಂಬಧಿಸಿದ ನಿಗಧಿತ ಅರ್ಜಿ ನಮೂನೆಯನ್ನು ಪುರಸಭೆ ಕಚೇರಿಯಲ್ಲಿ ಪಡೆದು ಸಲ್ಲಿಸತಕ್ಕದ್ದು ಎಂದು ಪ್ರಕಟಣೆಯಲ್ಲಿ ತಿಳಿಸಿದ್ದಾರೆ.

ನಗರಾಭಿವೃದ್ಧಿ ಸಚಿವ ಬಿ.ಎಸ್.ಸುರೇಶ್ ಅವರ ಕೂಡ್ಲಿಗಿ ಪ್ರವಾಸ ಕಾರ್ಯಕ್ರಮ.

ವಿಜಯನಗರ, ನ.08: ನಗರಾಭಿವೃದ್ಧಿ ಮತ್ತು ನಗರ ಯೋಜನೆ ಸಚಿವರು ಹಾಗೂ ಕೋಲಾರ ಜಿಲ್ಲಾ ಉಸ್ತುವಾರಿ ಸಚಿವರಾದ ಬಿ.ಎಸ್.ಸುರೇಶ್ ಅವರು ನವೆಂಬರ್.9 ರಂದು ಜಿಲ್ಲೆಗೆ ಆಗಮಿಸಲಿದ್ದಾರೆ. ಬೆಳಿಗ್ಗೆ 10:50 ಕ್ಕೆ ಜಿಂದಾಲ್ ಏರ್‌ಪೋರ್ಟ್‌ಗೆ ಆಗಮಿಸಿ ನಂತರ ರಸ್ತೆ ಮೂಲಕ ಕೂಡ್ಲಿಗಿಗೆ ತೆರಳಿ 11:30ಕ್ಕೆ ಕೂಡ್ಲಿಗಿ ತಾಲೂಕಿನ 74 ಕೆರೆಗಳಿಗೆ ನೀರು ತುಂಬಿಸುವ ಯೋಜನೆ ಸೇರಿ ವಿವಿಧ ಅಭಿವೃದ್ಧಿ ಕಾಮಗಾರಿಗಳ ಲೋಕಾರ್ಪಣೆ ಕಾರ್ಯಕ್ರಮದಲ್ಲಿ ಭಾಗವಹಿಸಲಿದ್ದಾರೆ. ಮಧ್ಯಾಹ್ನ 4:15 ಕ್ಕೆ ಜಿಂದಾಲ್ ಏರ್‌ಪೋರ್ಟ್ ಮೂಲಕ ಬೆಂಗಳೂರಿಗೆ ಪ್ರಯಾಣಿಸಲಿದ್ದಾರೆ ಎಂದು ಸಚಿವರ ಆಪ್ತ ಕಾರ್ಯದರ್ಶಿ ತಿಳಿಸಿದ್ದಾರೆ.
